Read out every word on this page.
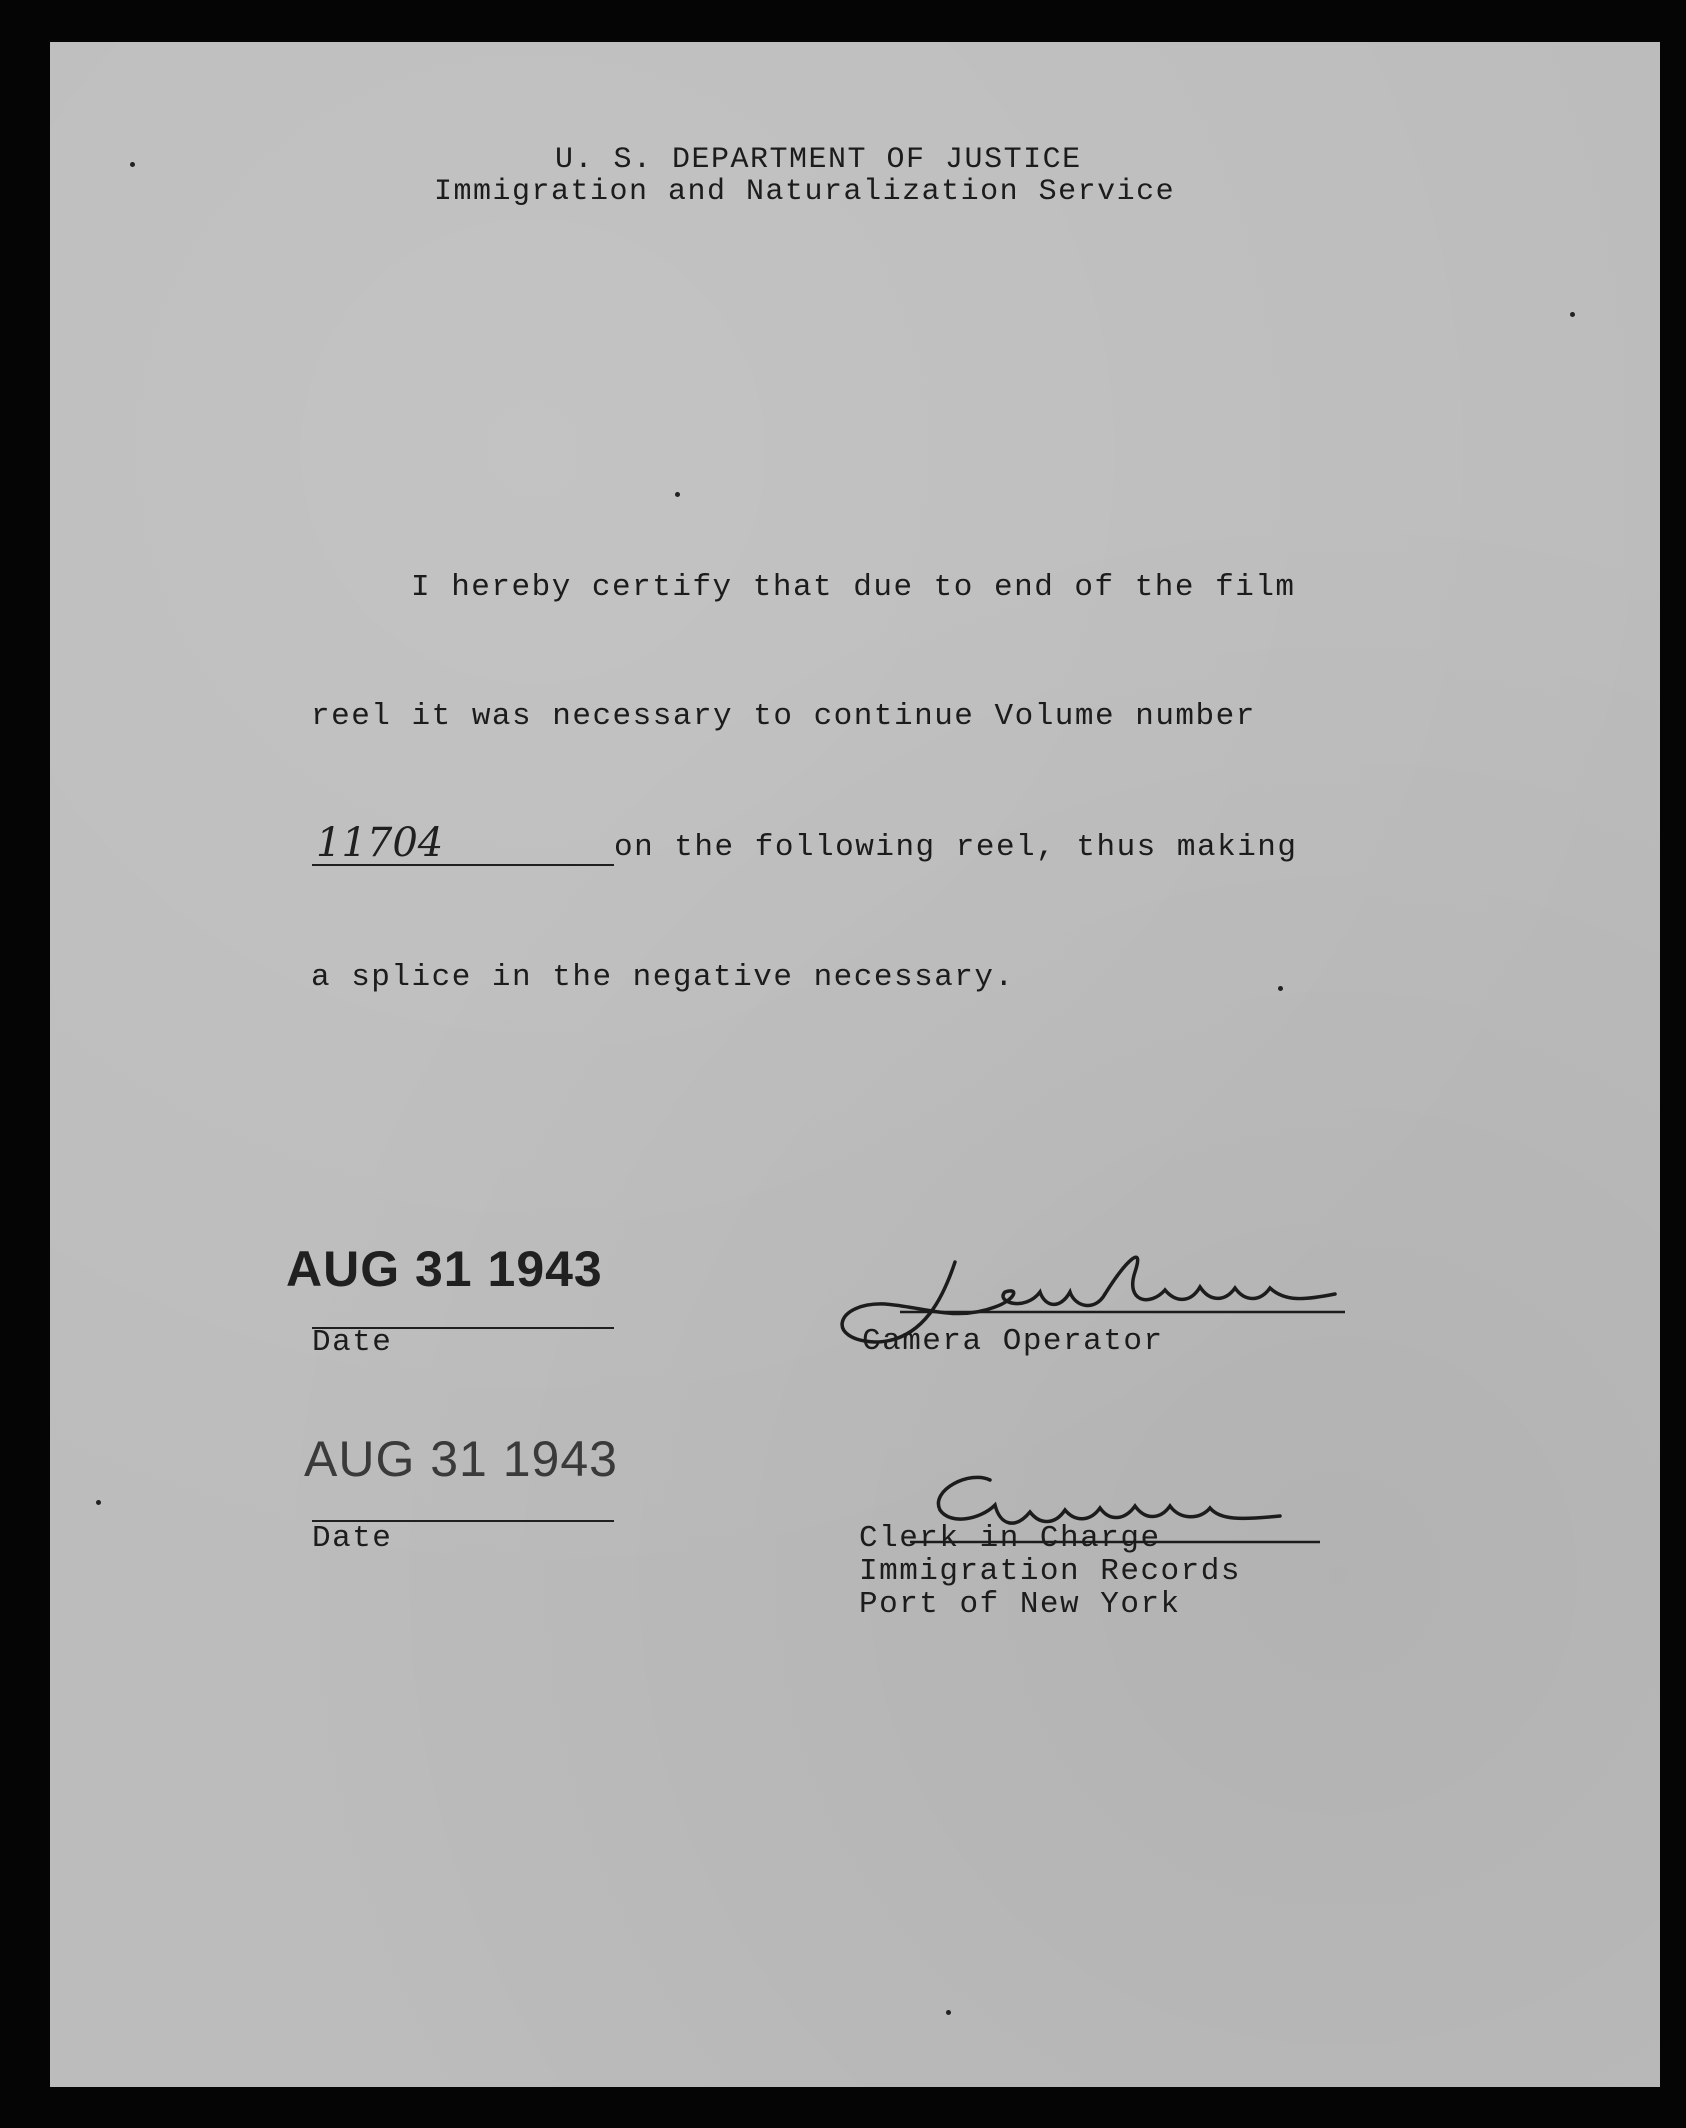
U. S. DEPARTMENT OF JUSTICE
Immigration and Naturalization Service
I hereby certify that due to end of the film
reel it was necessary to continue Volume number
11704	on the following reel, thus making
a splice in the negative necessary.
AUG 31 1943
Date
AUG 31 1943
Date
Camera Operator
Clerk in Charge
Immigration Records
Port of New York
